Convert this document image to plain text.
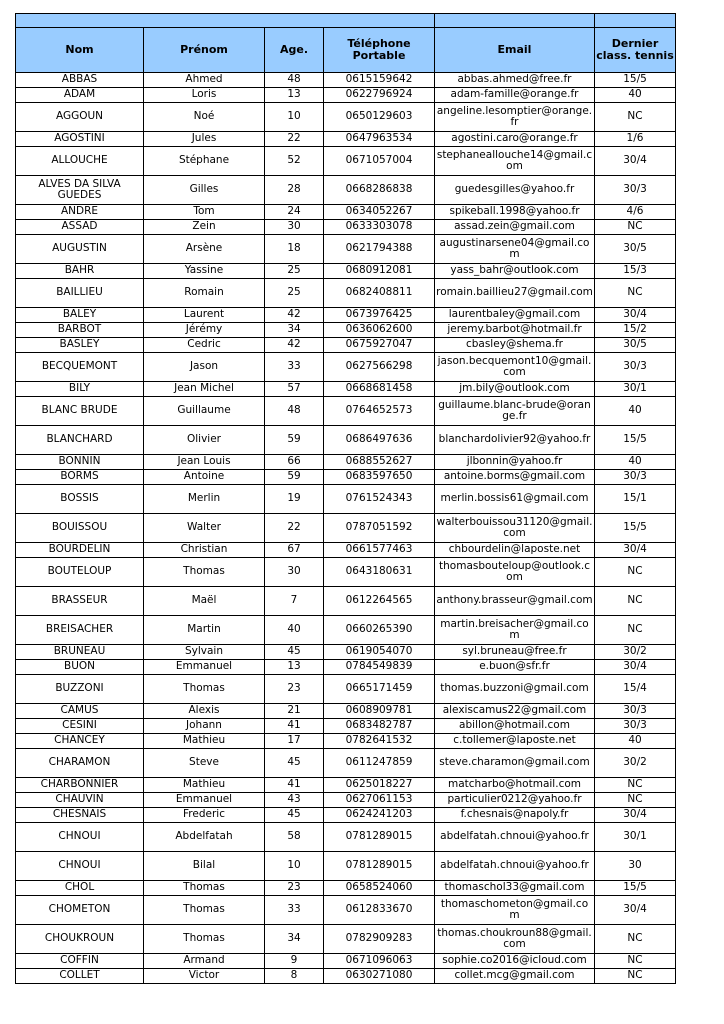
Nom	Prénom	Age.	Téléphone Portable	Email	Dernier class. tennis
ABBAS	Ahmed	48	0615159642	abbas.ahmed@free.fr	15/5
ADAM	Loris	13	0622796924	adam-famille@orange.fr	40
AGGOUN	Noé	10	0650129603	angeline.lesomptier@orange.fr	NC
AGOSTINI	Jules	22	0647963534	agostini.caro@orange.fr	1/6
ALLOUCHE	Stéphane	52	0671057004	stephaneallouche14@gmail.com	30/4
ALVES DA SILVA GUEDES	Gilles	28	0668286838	guedesgilles@yahoo.fr	30/3
ANDRE	Tom	24	0634052267	spikeball.1998@yahoo.fr	4/6
ASSAD	Zein	30	0633303078	assad.zein@gmail.com	NC
AUGUSTIN	Arsène	18	0621794388	augustinarsene04@gmail.com	30/5
BAHR	Yassine	25	0680912081	yass_bahr@outlook.com	15/3
BAILLIEU	Romain	25	0682408811	romain.baillieu27@gmail.com	NC
BALEY	Laurent	42	0673976425	laurentbaley@gmail.com	30/4
BARBOT	Jérémy	34	0636062600	jeremy.barbot@hotmail.fr	15/2
BASLEY	Cedric	42	0675927047	cbasley@shema.fr	30/5
BECQUEMONT	Jason	33	0627566298	jason.becquemont10@gmail.com	30/3
BILY	Jean Michel	57	0668681458	jm.bily@outlook.com	30/1
BLANC BRUDE	Guillaume	48	0764652573	guillaume.blanc-brude@orange.fr	40
BLANCHARD	Olivier	59	0686497636	blanchardolivier92@yahoo.fr	15/5
BONNIN	Jean Louis	66	0688552627	jlbonnin@yahoo.fr	40
BORMS	Antoine	59	0683597650	antoine.borms@gmail.com	30/3
BOSSIS	Merlin	19	0761524343	merlin.bossis61@gmail.com	15/1
BOUISSOU	Walter	22	0787051592	walterbouissou31120@gmail.com	15/5
BOURDELIN	Christian	67	0661577463	chbourdelin@laposte.net	30/4
BOUTELOUP	Thomas	30	0643180631	thomasbouteloup@outlook.com	NC
BRASSEUR	Maël	7	0612264565	anthony.brasseur@gmail.com	NC
BREISACHER	Martin	40	0660265390	martin.breisacher@gmail.com	NC
BRUNEAU	Sylvain	45	0619054070	syl.bruneau@free.fr	30/2
BUON	Emmanuel	13	0784549839	e.buon@sfr.fr	30/4
BUZZONI	Thomas	23	0665171459	thomas.buzzoni@gmail.com	15/4
CAMUS	Alexis	21	0608909781	alexiscamus22@gmail.com	30/3
CESINI	Johann	41	0683482787	abillon@hotmail.com	30/3
CHANCEY	Mathieu	17	0782641532	c.tollemer@laposte.net	40
CHARAMON	Steve	45	0611247859	steve.charamon@gmail.com	30/2
CHARBONNIER	Mathieu	41	0625018227	matcharbo@hotmail.com	NC
CHAUVIN	Emmanuel	43	0627061153	particulier0212@yahoo.fr	NC
CHESNAIS	Frederic	45	0624241203	f.chesnais@napoly.fr	30/4
CHNOUI	Abdelfatah	58	0781289015	abdelfatah.chnoui@yahoo.fr	30/1
CHNOUI	Bilal	10	0781289015	abdelfatah.chnoui@yahoo.fr	30
CHOL	Thomas	23	0658524060	thomaschol33@gmail.com	15/5
CHOMETON	Thomas	33	0612833670	thomaschometon@gmail.com	30/4
CHOUKROUN	Thomas	34	0782909283	thomas.choukroun88@gmail.com	NC
COFFIN	Armand	9	0671096063	sophie.co2016@icloud.com	NC
COLLET	Victor	8	0630271080	collet.mcg@gmail.com	NC
